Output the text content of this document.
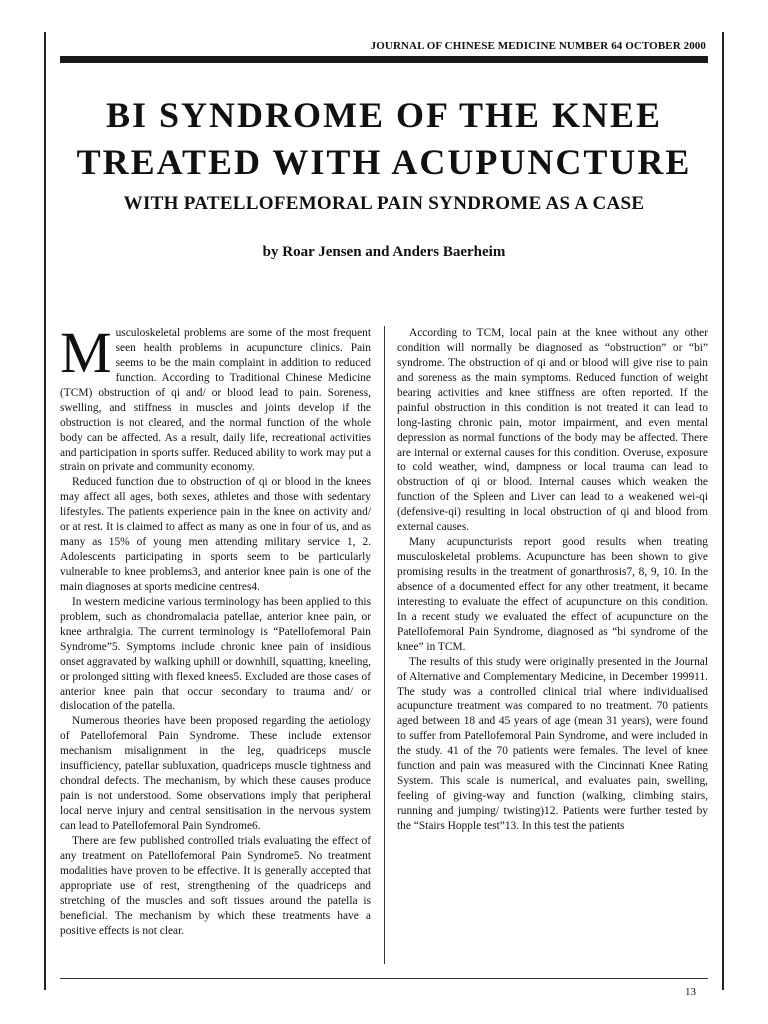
JOURNAL OF CHINESE MEDICINE NUMBER 64 OCTOBER 2000
BI SYNDROME OF THE KNEE TREATED WITH ACUPUNCTURE
WITH PATELLOFEMORAL PAIN SYNDROME AS A CASE

by Roar Jensen and Anders Baerheim

Musculoskeletal problems are some of the most frequent seen health problems in acupuncture clinics. Pain seems to be the main complaint in addition to reduced function. According to Traditional Chinese Medicine (TCM) obstruction of qi and/ or blood lead to pain. Soreness, swelling, and stiffness in muscles and joints develop if the obstruction is not cleared, and the normal function of the whole body can be affected. As a result, daily life, recreational activities and participation in sports suffer. Reduced ability to work may put a strain on private and community economy.

Reduced function due to obstruction of qi or blood in the knees may affect all ages, both sexes, athletes and those with sedentary lifestyles. The patients experience pain in the knee on activity and/ or at rest. It is claimed to affect as many as one in four of us, and as many as 15% of young men attending military service 1, 2. Adolescents participating in sports seem to be particularly vulnerable to knee problems3, and anterior knee pain is one of the main diagnoses at sports medicine centres4.

In western medicine various terminology has been applied to this problem, such as chondromalacia patellae, anterior knee pain, or knee arthralgia. The current terminology is “Patellofemoral Pain Syndrome”5. Symptoms include chronic knee pain of insidious onset aggravated by walking uphill or downhill, squatting, kneeling, or prolonged sitting with flexed knees5. Excluded are those cases of anterior knee pain that occur secondary to trauma and/ or dislocation of the patella.

Numerous theories have been proposed regarding the aetiology of Patellofemoral Pain Syndrome. These include extensor mechanism misalignment in the leg, quadriceps muscle insufficiency, patellar subluxation, quadriceps muscle tightness and chondral defects. The mechanism, by which these causes produce pain is not understood. Some observations imply that peripheral local nerve injury and central sensitisation in the nervous system can lead to Patellofemoral Pain Syndrome6.

There are few published controlled trials evaluating the effect of any treatment on Patellofemoral Pain Syndrome5. No treatment modalities have proven to be effective. It is generally accepted that appropriate use of rest, strengthening of the quadriceps and stretching of the muscles and soft tissues around the patella is beneficial. The mechanism by which these treatments have a positive effects is not clear.

According to TCM, local pain at the knee without any other condition will normally be diagnosed as “obstruction” or “bi” syndrome. The obstruction of qi and or blood will give rise to pain and soreness as the main symptoms. Reduced function of weight bearing activities and knee stiffness are often reported. If the painful obstruction in this condition is not treated it can lead to long-lasting chronic pain, motor impairment, and even mental depression as normal functions of the body may be affected. There are internal or external causes for this condition. Overuse, exposure to cold weather, wind, dampness or local trauma can lead to obstruction of qi or blood. Internal causes which weaken the function of the Spleen and Liver can lead to a weakened wei-qi (defensive-qi) resulting in local obstruction of qi and blood from external causes.

Many acupuncturists report good results when treating musculoskeletal problems. Acupuncture has been shown to give promising results in the treatment of gonarthrosis7, 8, 9, 10. In the absence of a documented effect for any other treatment, it became interesting to evaluate the effect of acupuncture on this condition. In a recent study we evaluated the effect of acupuncture on the Patellofemoral Pain Syndrome, diagnosed as “bi syndrome of the knee” in TCM.

The results of this study were originally presented in the Journal of Alternative and Complementary Medicine, in December 199911. The study was a controlled clinical trial where individualised acupuncture treatment was compared to no treatment. 70 patients aged between 18 and 45 years of age (mean 31 years), were found to suffer from Patellofemoral Pain Syndrome, and were included in the study. 41 of the 70 patients were females. The level of knee function and pain was measured with the Cincinnati Knee Rating System. This scale is numerical, and evaluates pain, swelling, feeling of giving-way and function (walking, climbing stairs, running and jumping/ twisting)12. Patients were further tested by the “Stairs Hopple test”13. In this test the patients

13
